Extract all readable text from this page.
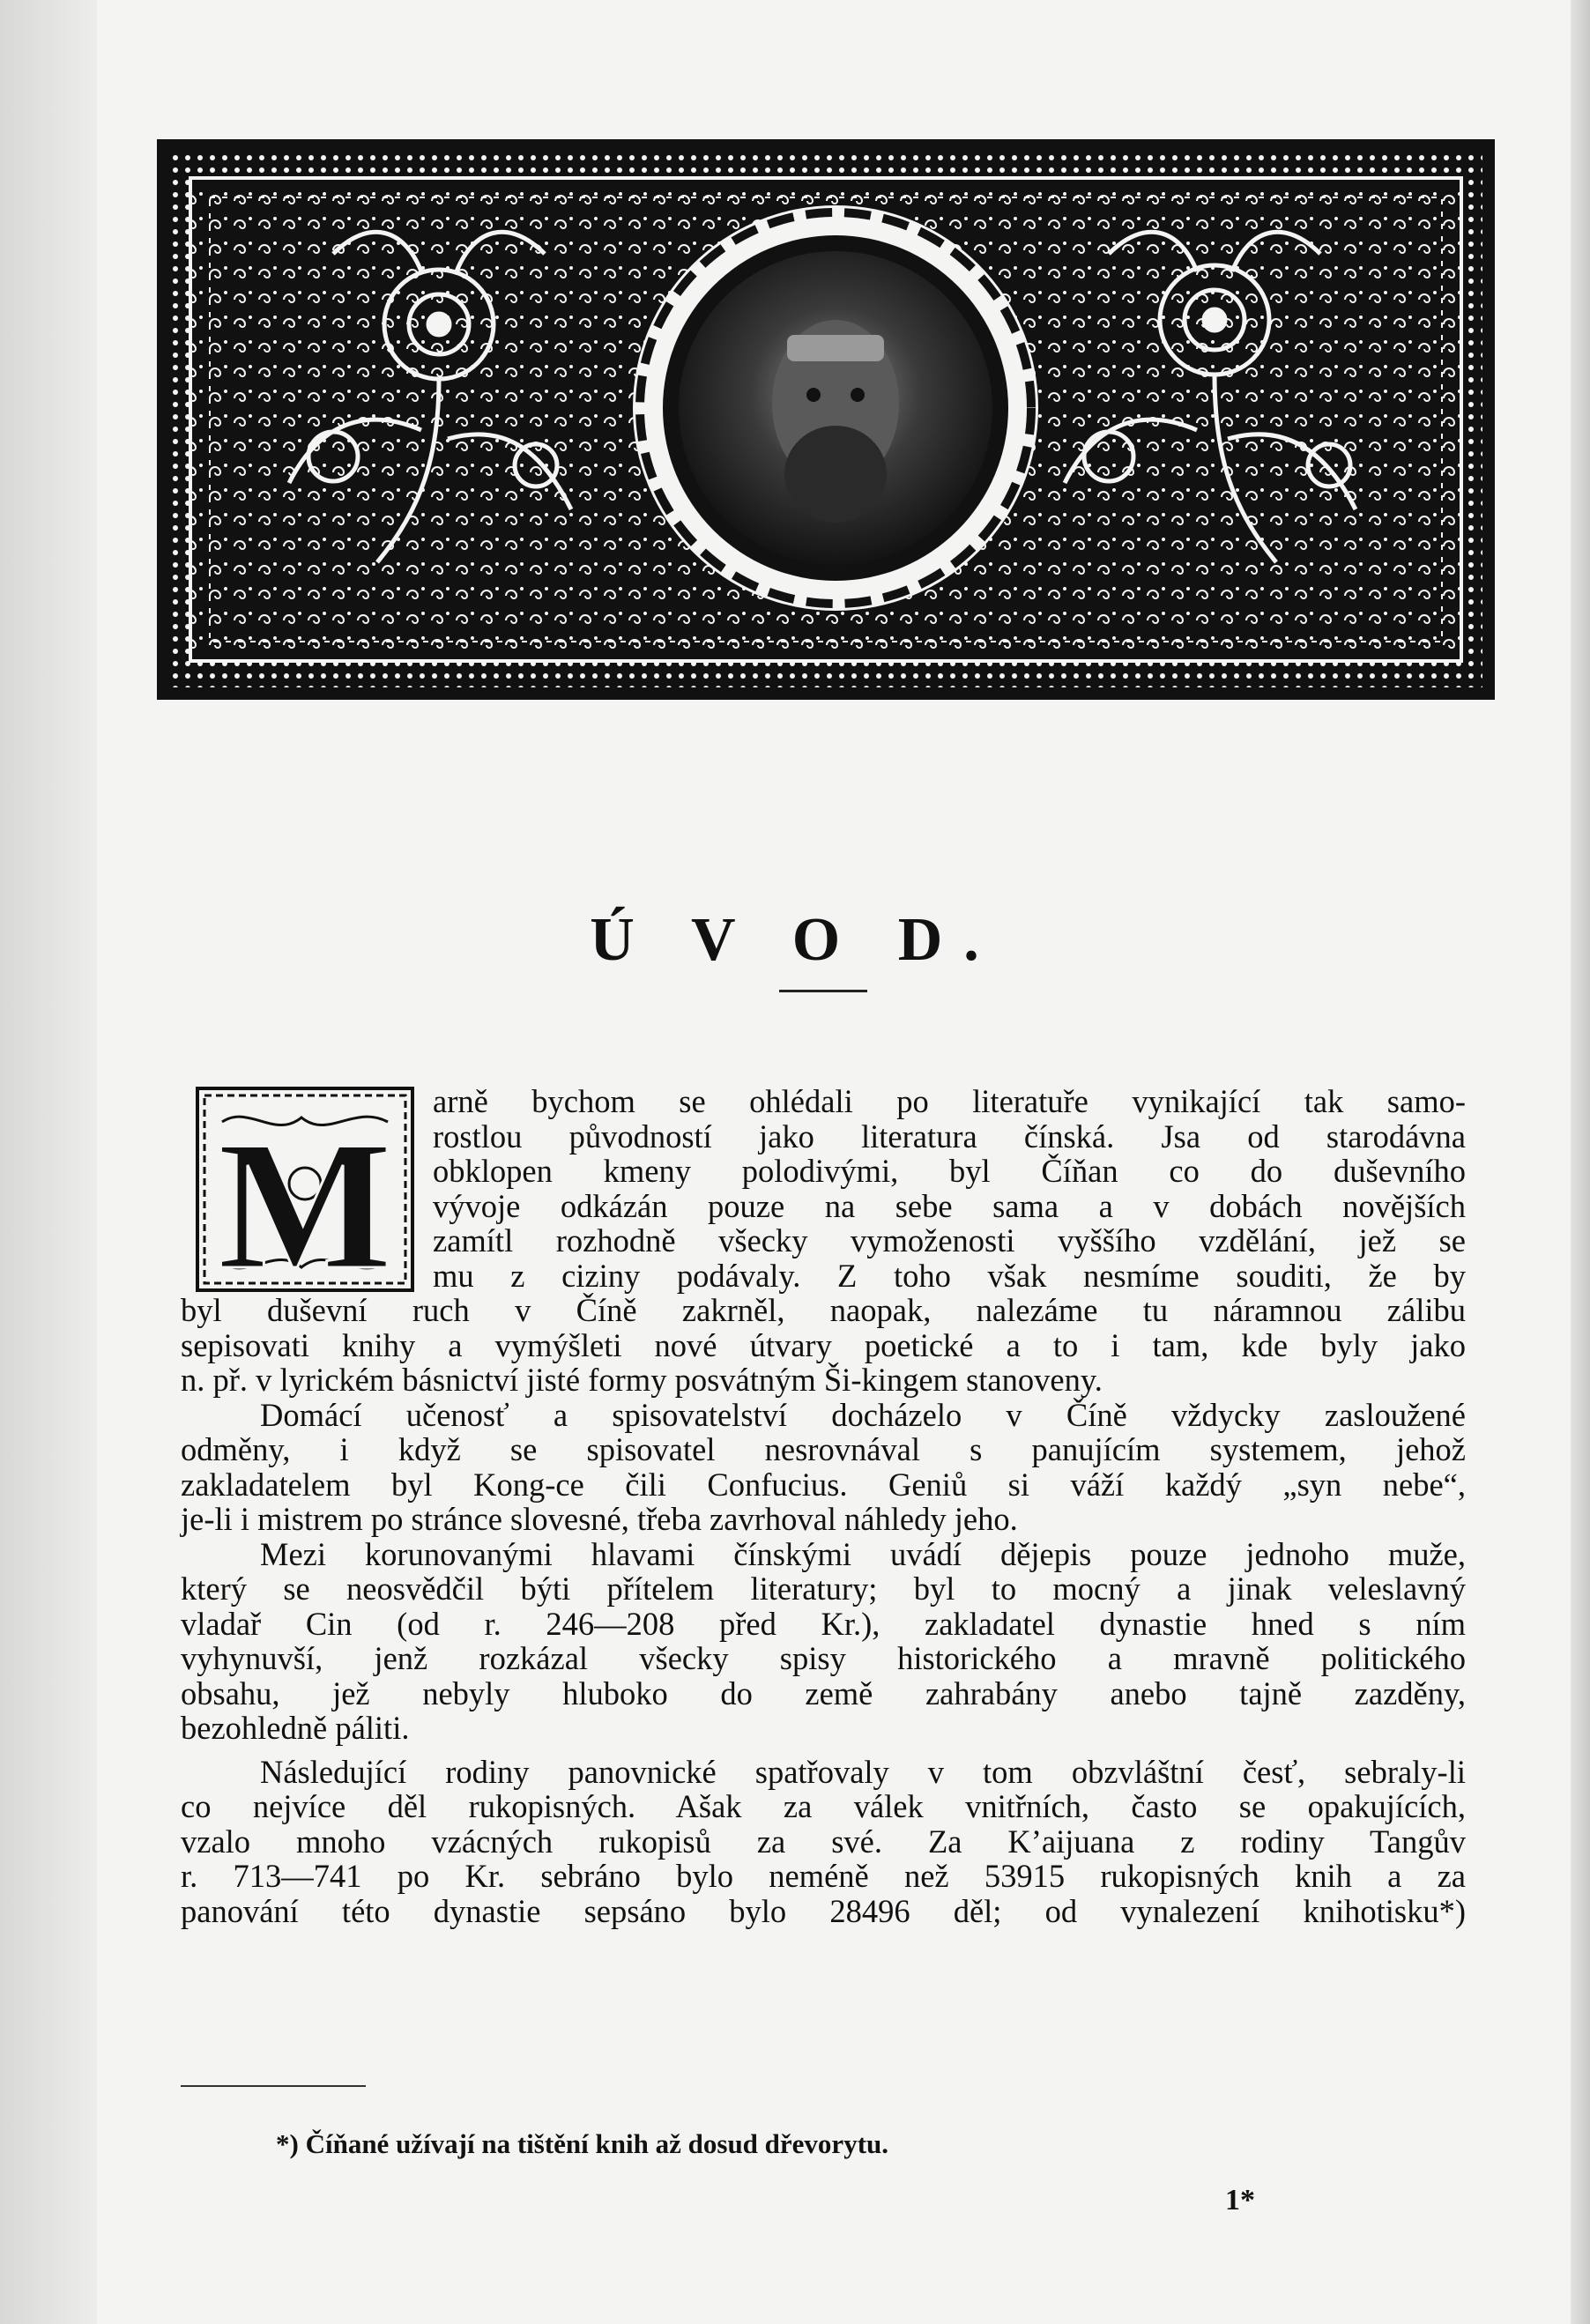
Ú V O D.
M
arně bychom se ohlédali po literatuře vynikající tak samo-
rostlou původností jako literatura čínská. Jsa od starodávna
obklopen kmeny polodivými, byl Číňan co do duševního
vývoje odkázán pouze na sebe sama a v dobách novějších
zamítl rozhodně všecky vymoženosti vyššího vzdělání, jež se
mu z ciziny podávaly. Z toho však nesmíme souditi, že by
byl duševní ruch v Číně zakrněl, naopak, nalezáme tu náramnou zálibu
sepisovati knihy a vymýšleti nové útvary poetické a to i tam, kde byly jako
n. př. v lyrickém básnictví jisté formy posvátným Ši-kingem stanoveny.
Domácí učenosť a spisovatelství docházelo v Číně vždycky zasloužené
odměny, i když se spisovatel nesrovnával s panujícím systemem, jehož
zakladatelem byl Kong-ce čili Confucius. Geniů si váží každý „syn nebe“,
je-li i mistrem po stránce slovesné, třeba zavrhoval náhledy jeho.
Mezi korunovanými hlavami čínskými uvádí dějepis pouze jednoho muže,
který se neosvědčil býti přítelem literatury; byl to mocný a jinak veleslavný
vladař Cin (od r. 246—208 před Kr.), zakladatel dynastie hned s ním
vyhynuvší, jenž rozkázal všecky spisy historického a mravně politického
obsahu, jež nebyly hluboko do země zahrabány anebo tajně zazděny,
bezohledně páliti.
Následující rodiny panovnické spatřovaly v tom obzvláštní česť, sebraly-li
co nejvíce děl rukopisných. Ašak za válek vnitřních, často se opakujících,
vzalo mnoho vzácných rukopisů za své. Za K’aijuana z rodiny Tangův
r. 713—741 po Kr. sebráno bylo neméně než 53915 rukopisných knih a za
panování této dynastie sepsáno bylo 28496 děl; od vynalezení knihotisku*)
*) Číňané užívají na tištění knih až dosud dřevorytu.
1*
